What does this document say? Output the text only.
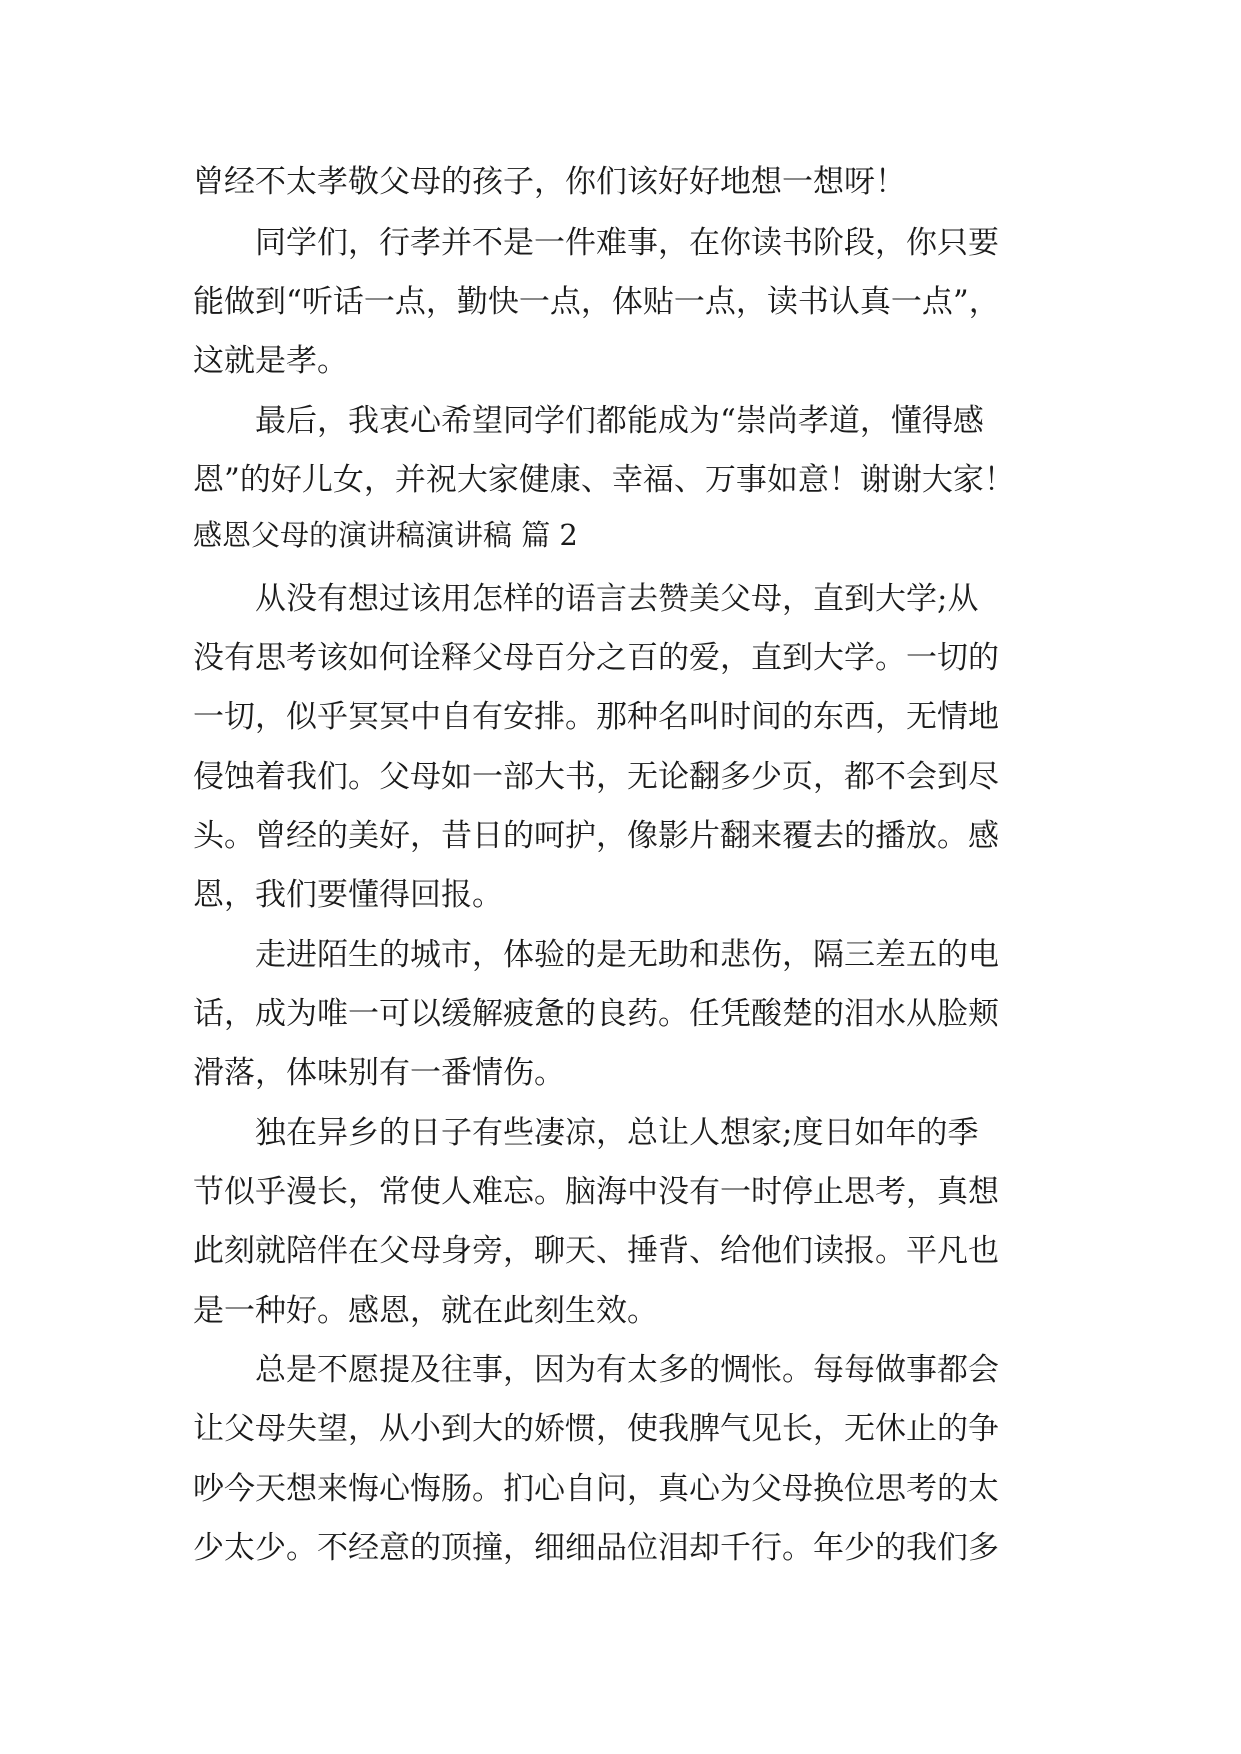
曾经不太孝敬父母的孩子，你们该好好地想一想呀！
同学们，行孝并不是一件难事，在你读书阶段，你只要
能做到“听话一点，勤快一点，体贴一点，读书认真一点”，
这就是孝。
最后，我衷心希望同学们都能成为“崇尚孝道，懂得感
恩”的好儿女，并祝大家健康、幸福、万事如意！谢谢大家！
感恩父母的演讲稿演讲稿 篇 2
从没有想过该用怎样的语言去赞美父母，直到大学;从
没有思考该如何诠释父母百分之百的爱，直到大学。一切的
一切，似乎冥冥中自有安排。那种名叫时间的东西，无情地
侵蚀着我们。父母如一部大书，无论翻多少页，都不会到尽
头。曾经的美好，昔日的呵护，像影片翻来覆去的播放。感
恩，我们要懂得回报。
走进陌生的城市，体验的是无助和悲伤，隔三差五的电
话，成为唯一可以缓解疲惫的良药。任凭酸楚的泪水从脸颊
滑落，体味别有一番情伤。
独在异乡的日子有些凄凉，总让人想家;度日如年的季
节似乎漫长，常使人难忘。脑海中没有一时停止思考，真想
此刻就陪伴在父母身旁，聊天、捶背、给他们读报。平凡也
是一种好。感恩，就在此刻生效。
总是不愿提及往事，因为有太多的惆怅。每每做事都会
让父母失望，从小到大的娇惯，使我脾气见长，无休止的争
吵今天想来悔心悔肠。扪心自问，真心为父母换位思考的太
少太少。不经意的顶撞，细细品位泪却千行。年少的我们多
